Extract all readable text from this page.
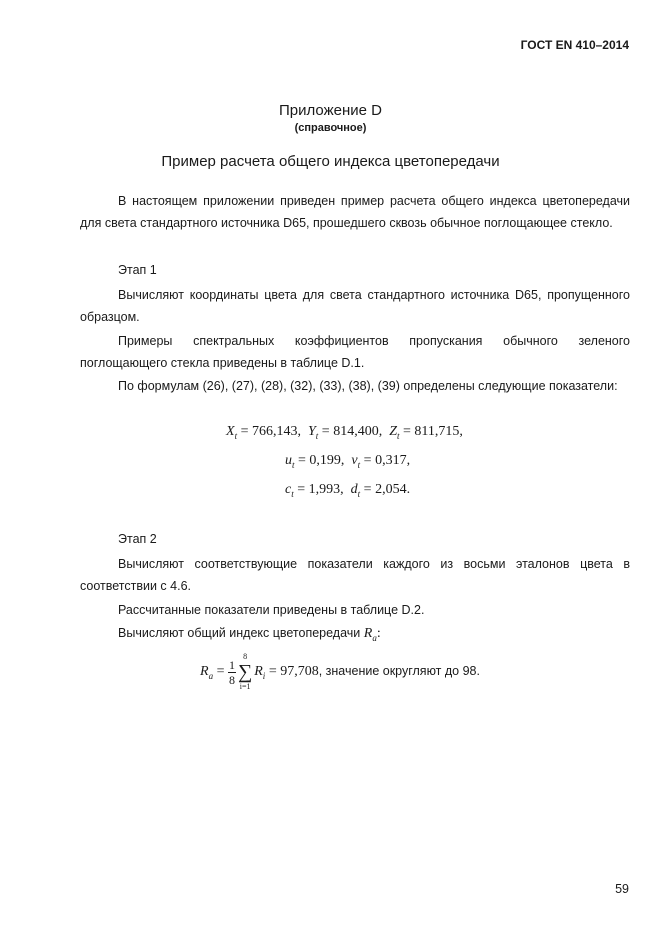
ГОСТ EN 410–2014
Приложение D
(справочное)
Пример расчета общего индекса цветопередачи
В настоящем приложении приведен пример расчета общего индекса цветопередачи для света стандартного источника D65, прошедшего сквозь обычное поглощающее стекло.
Этап 1
Вычисляют координаты цвета для света стандартного источника D65, пропущенного образцом.
Примеры спектральных коэффициентов пропускания обычного зеленого поглощающего стекла приведены в таблице D.1.
По формулам (26), (27), (28), (32), (33), (38), (39) определены следующие показатели:
$X_t = 766,143$,  $Y_t = 814,400$,  $Z_t = 811,715$,
$u_t = 0,199$,  $v_t = 0,317$,
$c_t = 1,993$,  $d_t = 2,054$.
Этап 2
Вычисляют соответствующие показатели каждого из восьми эталонов цвета в соответствии с 4.6.
Рассчитанные показатели приведены в таблице D.2.
Вычисляют общий индекс цветопередачи $R_a$:
$R_a = \frac{1}{8}$
8
∑
i=1
$R_i = 97,708$, значение округляют до 98.
59
